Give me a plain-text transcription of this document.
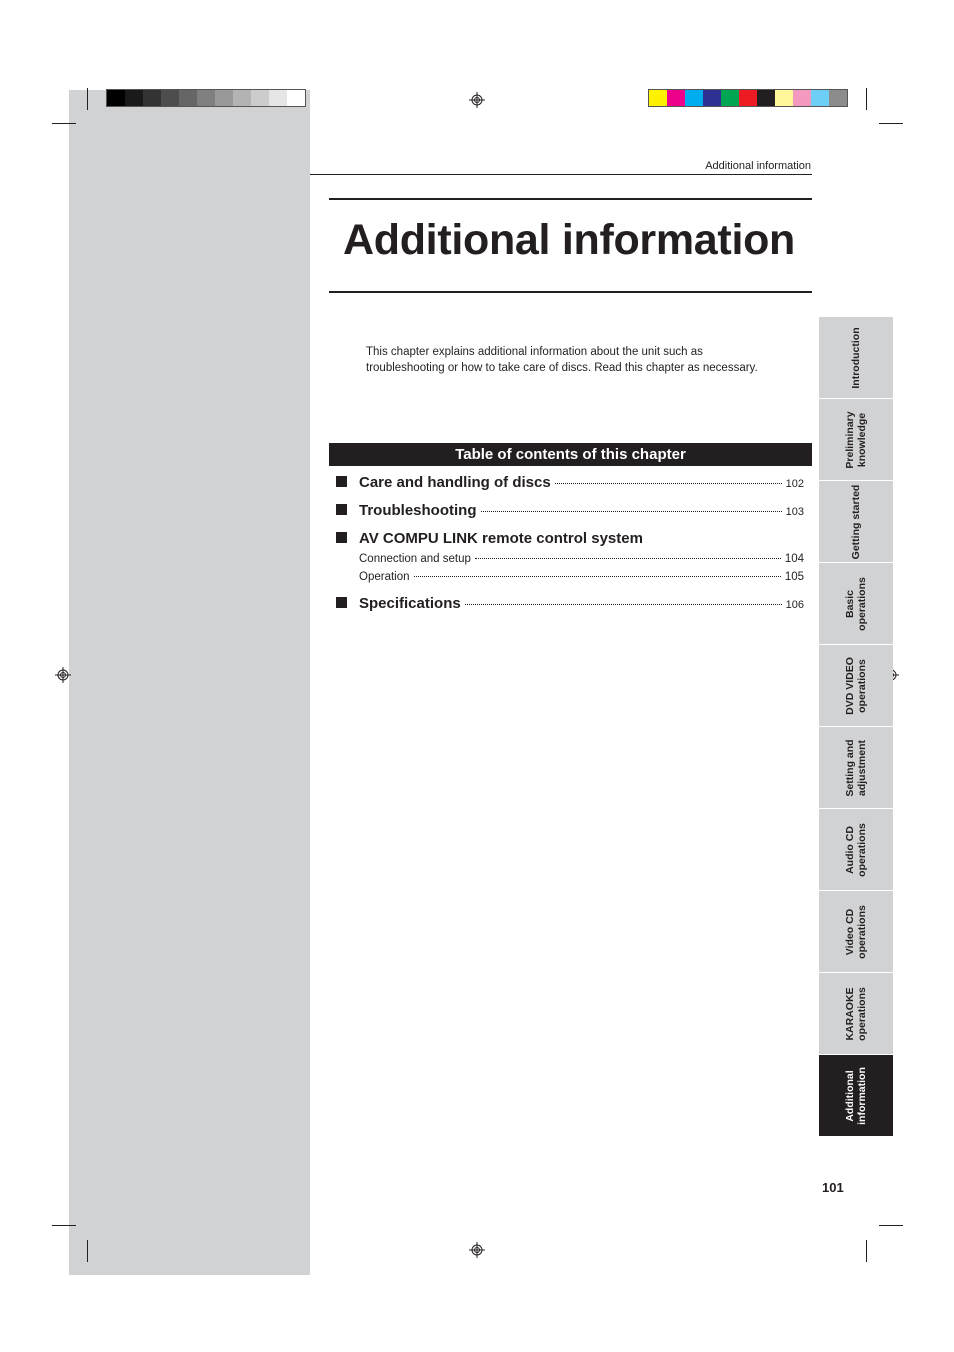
Additional information
Additional information

This chapter explains additional information about the unit such as troubleshooting or how to take care of discs. Read this chapter as necessary.

Table of contents of this chapter
Care and handling of discs	102
Troubleshooting	103
AV COMPU LINK remote control system
Connection and setup	104
Operation	105
Specifications	106
Introduction
Preliminary knowledge
Getting started
Basic operations
DVD VIDEO operations
Setting and adjustment
Audio CD operations
Video CD operations
KARAOKE operations
Additional information
101
